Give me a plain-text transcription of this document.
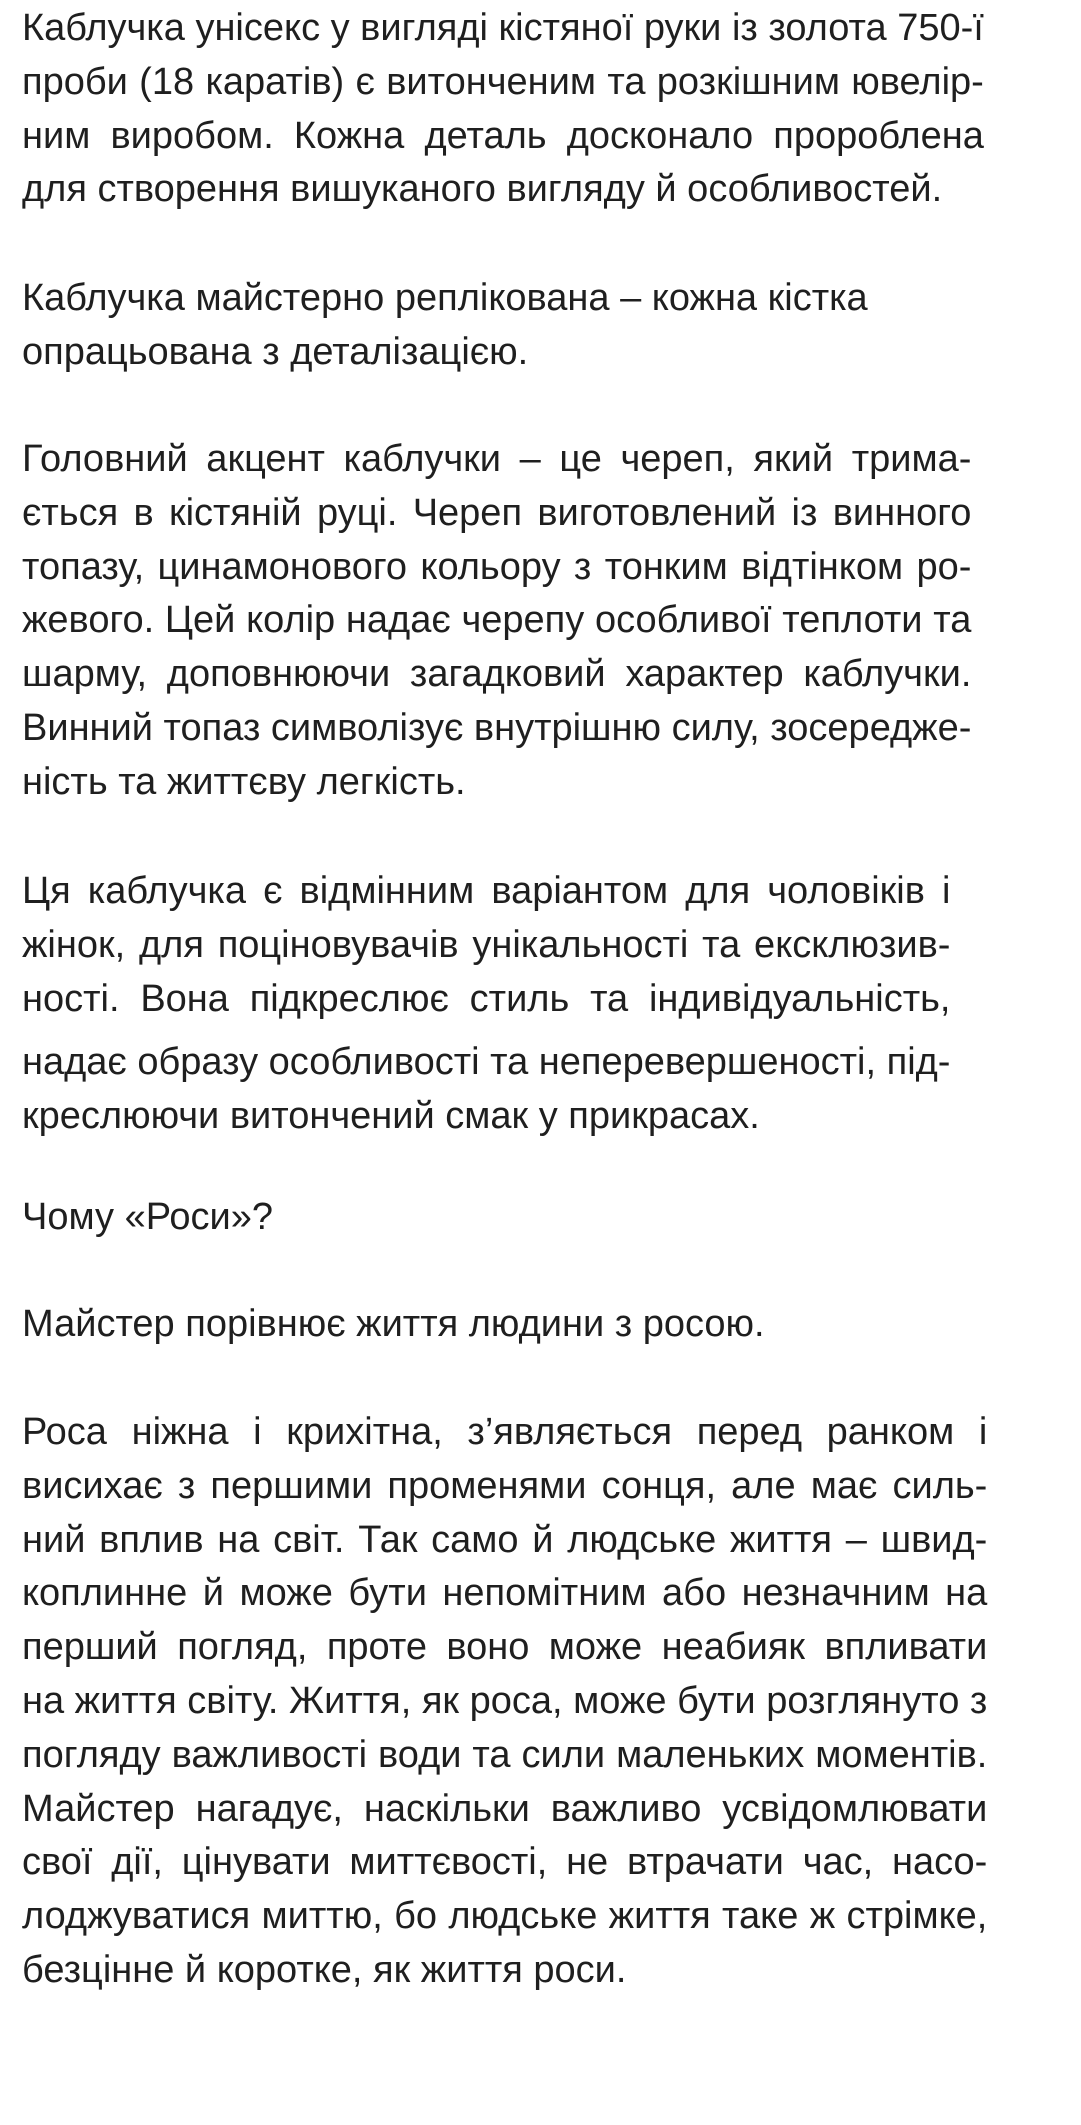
Каблучка унісекс у вигляді кістяної руки із золота 750-ї
проби (18 каратів) є витонченим та розкішним ювелір-
ним виробом. Кожна деталь досконало пророблена
для створення вишуканого вигляду й особливостей.

Каблучка майстерно реплікована – кожна кістка
опрацьована з деталізацією.

Головний акцент каблучки – це череп, який трима-
ється в кістяній руці. Череп виготовлений із винного
топазу, цинамонового кольору з тонким відтінком ро-
жевого. Цей колір надає черепу особливої теплоти та
шарму, доповнюючи загадковий характер каблучки.
Винний топаз символізує внутрішню силу, зосередже-
ність та життєву легкість.

Ця каблучка є відмінним варіантом для чоловіків і
жінок, для поціновувачів унікальності та ексклюзив-
ності. Вона підкреслює стиль та індивідуальність,
надає образу особливості та неперевершеності, під-
креслюючи витончений смак у прикрасах.

Чому «Роси»?

Майстер порівнює життя людини з росою.

Роса ніжна і крихітна, з’являється перед ранком і
висихає з першими променями сонця, але має силь-
ний вплив на світ. Так само й людське життя – швид-
коплинне й може бути непомітним або незначним на
перший погляд, проте воно може неабияк впливати
на життя світу. Життя, як роса, може бути розглянуто з
погляду важливості води та сили маленьких моментів.
Майстер нагадує, наскільки важливо усвідомлювати
свої дії, цінувати миттєвості, не втрачати час, насо-
лоджуватися миттю, бо людське життя таке ж стрімке,
безцінне й коротке, як життя роси.
